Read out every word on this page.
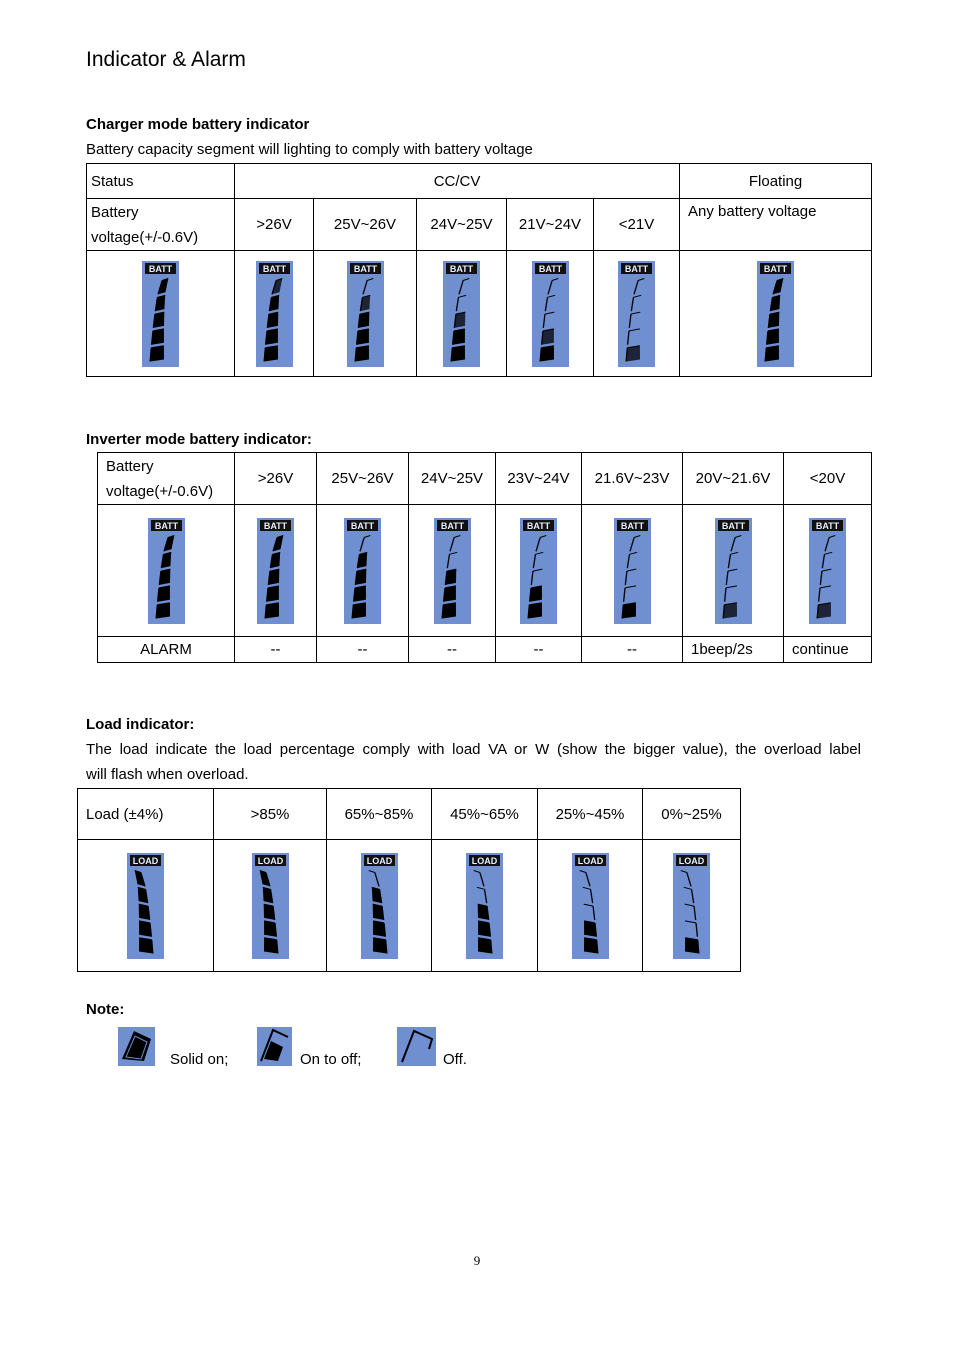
Indicator & Alarm

Charger mode battery indicator

Battery capacity segment will lighting to comply with battery voltage

Status	CC/CV					Floating

Battery
voltage(+/-0.6V)	>26V	25V~26V	24V~25V	21V~24V	<21V	Any battery voltage

BATT	BATT	BATT	BATT	BATT	BATT	BATT

Inverter mode battery indicator:

Battery
voltage(+/-0.6V)	>26V	25V~26V	24V~25V	23V~24V	21.6V~23V	20V~21.6V	<20V

BATT	BATT	BATT	BATT	BATT	BATT	BATT	BATT

ALARM	--	--	--	--	--	1beep/2s	continue

Load indicator:

The load indicate the load percentage comply with load VA or W (show the bigger value), the overload label

will flash when overload.

Load (±4%)	>85%	65%~85%	45%~65%	25%~45%	0%~25%

LOAD	LOAD	LOAD	LOAD	LOAD	LOAD

Note:

Solid on;	On to off;	Off.
9
